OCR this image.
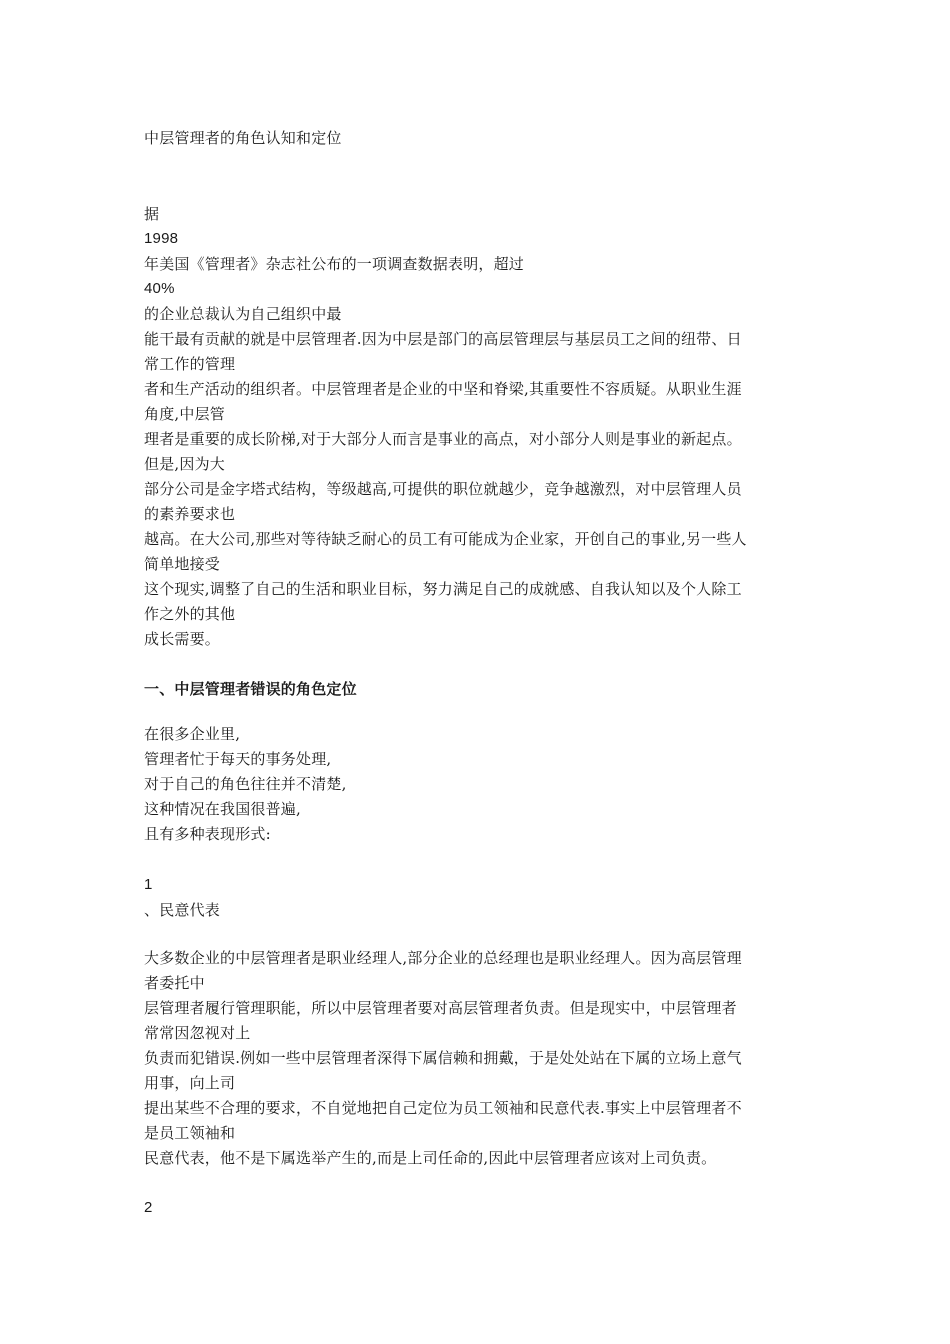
中层管理者的角色认知和定位
据
1998
年美国《管理者》杂志社公布的一项调查数据表明，超过
40%
的企业总裁认为自己组织中最
能干最有贡献的就是中层管理者.因为中层是部门的高层管理层与基层员工之间的纽带、日
常工作的管理
者和生产活动的组织者。中层管理者是企业的中坚和脊梁,其重要性不容质疑。从职业生涯
角度,中层管
理者是重要的成长阶梯,对于大部分人而言是事业的高点，对小部分人则是事业的新起点。
但是,因为大
部分公司是金字塔式结构，等级越高,可提供的职位就越少，竞争越激烈，对中层管理人员
的素养要求也
越高。在大公司,那些对等待缺乏耐心的员工有可能成为企业家，开创自己的事业,另一些人
简单地接受
这个现实,调整了自己的生活和职业目标，努力满足自己的成就感、自我认知以及个人除工
作之外的其他
成长需要。
一、中层管理者错误的角色定位
在很多企业里,
管理者忙于每天的事务处理,
对于自己的角色往往并不清楚,
这种情况在我国很普遍,
且有多种表现形式:
1
、民意代表
大多数企业的中层管理者是职业经理人,部分企业的总经理也是职业经理人。因为高层管理
者委托中
层管理者履行管理职能，所以中层管理者要对高层管理者负责。但是现实中，中层管理者
常常因忽视对上
负责而犯错误.例如一些中层管理者深得下属信赖和拥戴，于是处处站在下属的立场上意气
用事，向上司
提出某些不合理的要求，不自觉地把自己定位为员工领袖和民意代表.事实上中层管理者不
是员工领袖和
民意代表，他不是下属选举产生的,而是上司任命的,因此中层管理者应该对上司负责。
2
